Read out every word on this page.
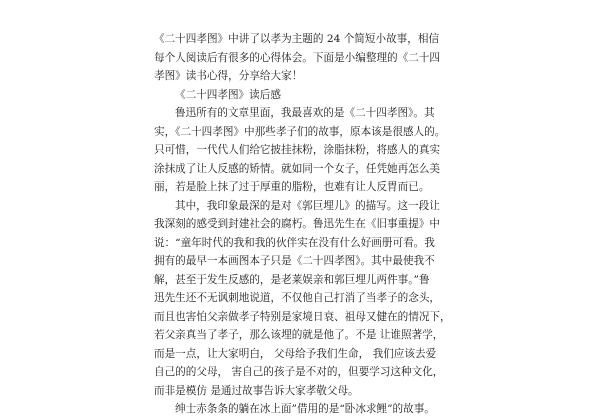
《二十四孝图》中讲了以孝为主题的 24 个简短小故事，相信
每个人阅读后有很多的心得体会。下面是小编整理的《二十四
孝图》读书心得，分享给大家！
《二十四孝图》读后感
鲁迅所有的文章里面，我最喜欢的是《二十四孝图》。其
实，《二十四孝图》中那些孝子们的故事，原本该是很感人的。
只可惜，一代代人们给它披挂抹粉，涂脂抹粉，将感人的真实
涂抹成了让人反感的矫情。就如同一个女子，任凭她再怎么美
丽，若是脸上抹了过于厚重的脂粉，也难有让人反胃而已。
其中，我印象最深的是对《郭巨埋儿》的描写。这一段让
我深刻的感受到封建社会的腐朽。鲁迅先生在《旧事重提》中
说：“童年时代的我和我的伙伴实在没有什么好画册可看。我
拥有的最早一本画图本子只是《二十四孝图》。其中最使我不
解，甚至于发生反感的，是老莱娱亲和郭巨埋儿两件事。”鲁
迅先生还不无讽刺地说道，不仅他自己打消了当孝子的念头，
而且也害怕父亲做孝子特别是家境日衰、祖母又健在的情况下，
若父亲真当了孝子，那么该埋的就是他了。不是 让谁照著学，
而是一点，让大家明白， 父母给予我们生命， 我们应该去爱
自己的的父母， 害自己的孩子是不对的，但要学习这种文化，
而非是模仿 是通过故事告诉大家孝敬父母。
绅士赤条条的躺在冰上面”借用的是“卧冰求鲤”的故事。
